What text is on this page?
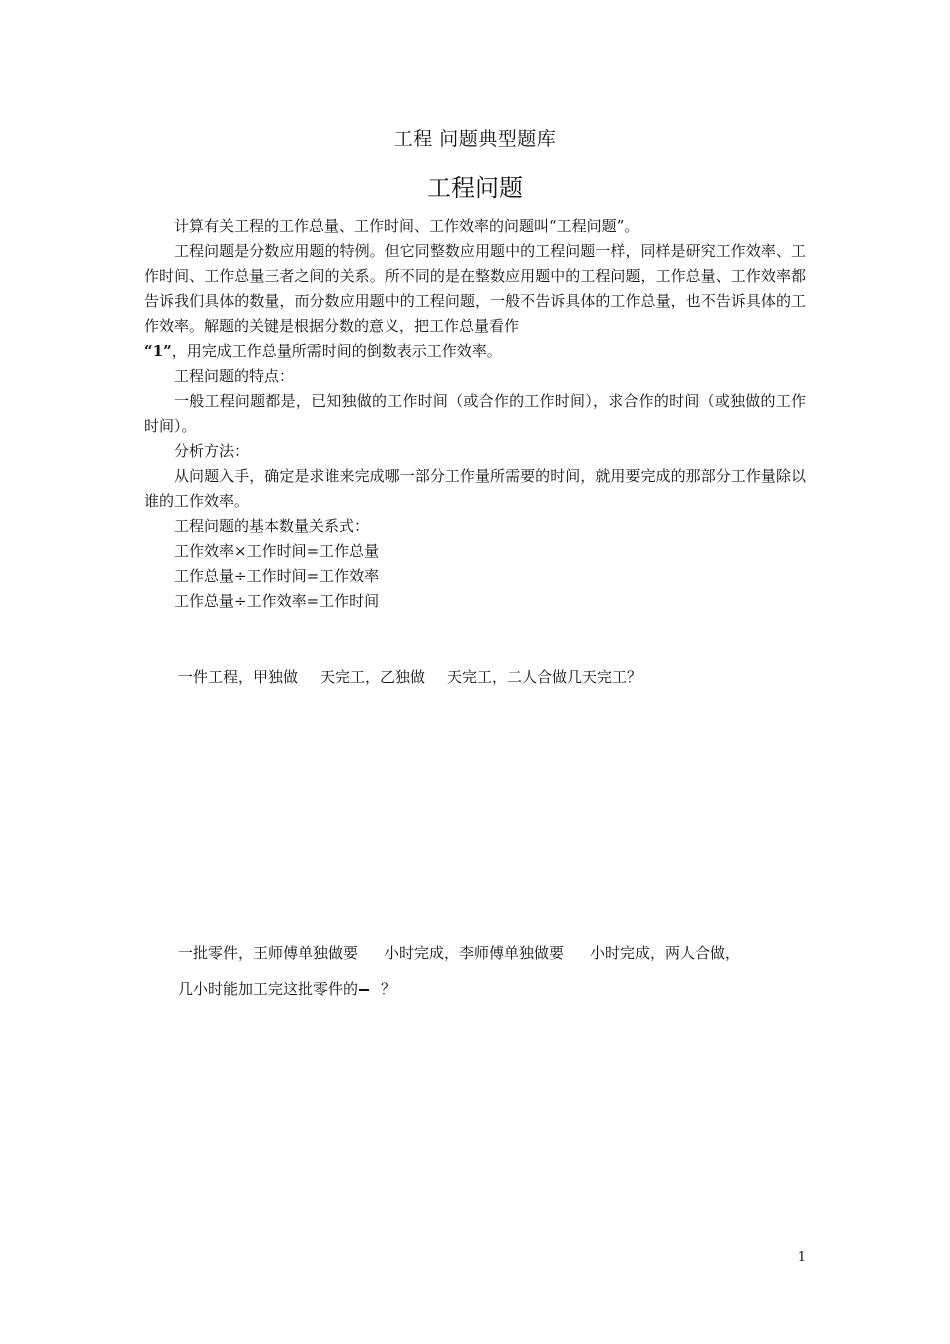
工程 问题典型题库
工程问题

计算有关工程的工作总量、工作时间、工作效率的问题叫“工程问题”。

工程问题是分数应用题的特例。但它同整数应用题中的工程问题一样，同样是研究工作效率、工作时间、工作总量三者之间的关系。所不同的是在整数应用题中的工程问题，工作总量、工作效率都告诉我们具体的数量，而分数应用题中的工程问题，一般不告诉具体的工作总量，也不告诉具体的工作效率。解题的关键是根据分数的意义，把工作总量看作
“1”，用完成工作总量所需时间的倒数表示工作效率。

工程问题的特点：

一般工程问题都是，已知独做的工作时间（或合作的工作时间），求合作的时间（或独做的工作时间）。

分析方法：

从问题入手，确定是求谁来完成哪一部分工作量所需要的时间，就用要完成的那部分工作量除以谁的工作效率。

工程问题的基本数量关系式：

工作效率×工作时间=工作总量

工作总量÷工作时间=工作效率

工作总量÷工作效率=工作时间

一件工程，甲独做 天完工，乙独做 天完工，二人合做几天完工？
一批零件，王师傅单独做要 小时完成，李师傅单独做要 小时完成，两人合做，
几小时能加工完这批零件的 ？
1
